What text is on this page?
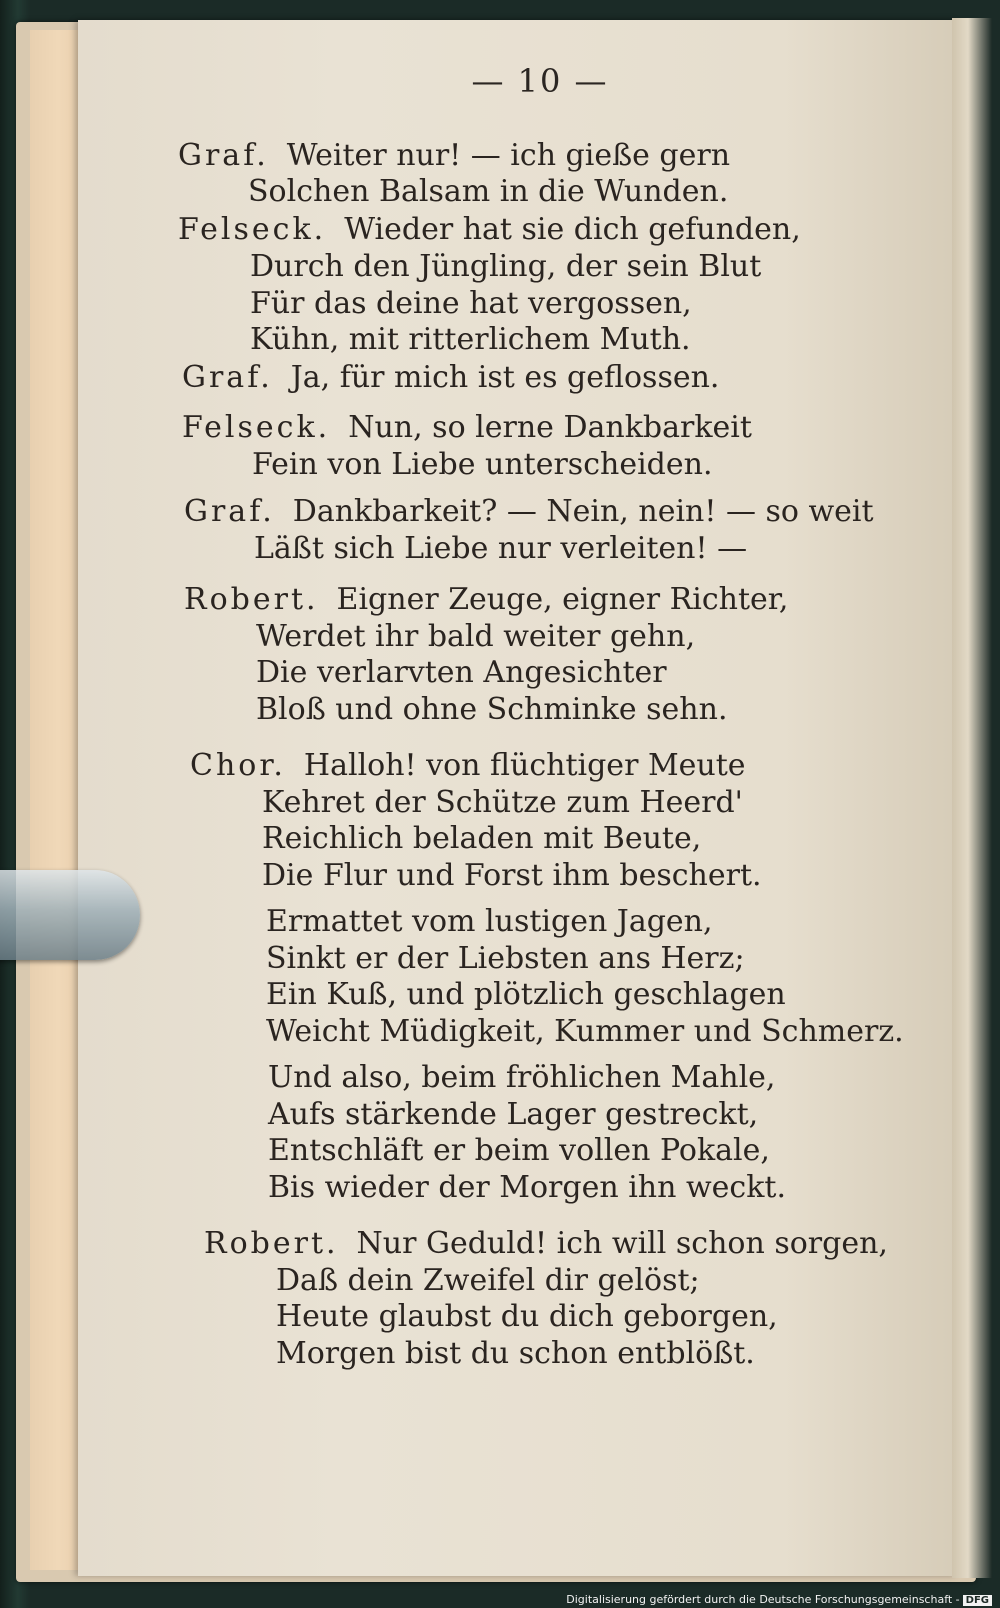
— 10 —
Graf. Weiter nur! — ich gieße gern
Solchen Balsam in die Wunden.
Felseck. Wieder hat sie dich gefunden,
Durch den Jüngling, der sein Blut
Für das deine hat vergossen,
Kühn, mit ritterlichem Muth.
Graf. Ja, für mich ist es geflossen.
Felseck. Nun, so lerne Dankbarkeit
Fein von Liebe unterscheiden.
Graf. Dankbarkeit? — Nein, nein! — so weit
Läßt sich Liebe nur verleiten! —
Robert. Eigner Zeuge, eigner Richter,
Werdet ihr bald weiter gehn,
Die verlarvten Angesichter
Bloß und ohne Schminke sehn.
Chor. Halloh! von flüchtiger Meute
Kehret der Schütze zum Heerd'
Reichlich beladen mit Beute,
Die Flur und Forst ihm beschert.
Ermattet vom lustigen Jagen,
Sinkt er der Liebsten ans Herz;
Ein Kuß, und plötzlich geschlagen
Weicht Müdigkeit, Kummer und Schmerz.
Und also, beim fröhlichen Mahle,
Aufs stärkende Lager gestreckt,
Entschläft er beim vollen Pokale,
Bis wieder der Morgen ihn weckt.
Robert. Nur Geduld! ich will schon sorgen,
Daß dein Zweifel dir gelöst;
Heute glaubst du dich geborgen,
Morgen bist du schon entblößt.
Digitalisierung gefördert durch die Deutsche Forschungsgemeinschaft - DFG
